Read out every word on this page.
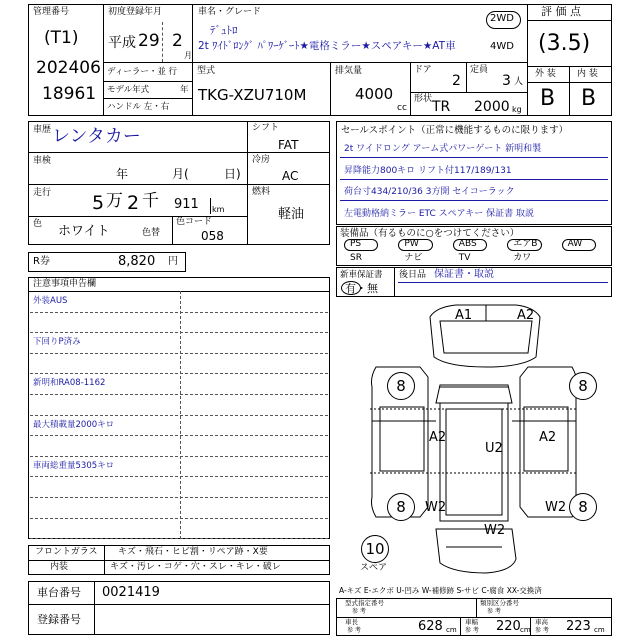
管理番号
(T1)
202406
18961
初度登録年月
平成 29 2
月
車名・グレード
ﾃﾞｭﾄﾛ
2t ﾜｲﾄﾞﾛﾝｸﾞ ﾊﾟﾜｰｹﾞｰﾄ★電格ミラー★スペアキー★AT車
2WD
4WD
評 価 点
(3.5)
外 装 内 装
B B
ディーラー・並 行
モデル年式	年
ハンドル 左・右
型式
TKG-XZU710M
排気量
4000
cc
ドア
2
定員
3 人
形状 TR 2000 kg
車歴 レンタカー
車検
年	月(	日)
走行 5 万 2 千 911 km
色 ホワイト	色替
色コード
058
シフト
FAT
冷房
AC
燃料
軽油
R券	8,820 円
セールスポイント（正常に機能するものに限ります）
2t ワイドロング アーム式パワーゲート 新明和製
昇降能力800キロ リフト付117/189/131
荷台寸434/210/36 3方開 セイコーラック
左電動格納ミラー ETC スペアキー 保証書 取説
装備品（有るものに○をつけてください）
PS	PW	ABS	エアB	AW
SR	ナビ	TV	カワ
新車保証書
有・無
後日品 保証書・取説
注意事項申告欄
外装AUS
下回りP済み
新明和RA08-1162
最大積載量2000キロ
車両総重量5305キロ
フロントガラス キズ・飛石・ヒビ割・リペア跡・X要
内装	キズ・汚レ・コゲ・穴・スレ・キレ・破レ
車台番号 0021419
登録番号
8	8
8	8
10
スペア
A1	A2
A2
U2
A2
W2	W2
W2
A-キズ E-エクボ U-凹み W-補修跡 S-サビ C-腐食 XX-交換済
型式指定番号
参 考
類別区分番号
参 考
車長
参 考	628 cm
車幅
参 考 220 cm
車高
参 考 223 cm
